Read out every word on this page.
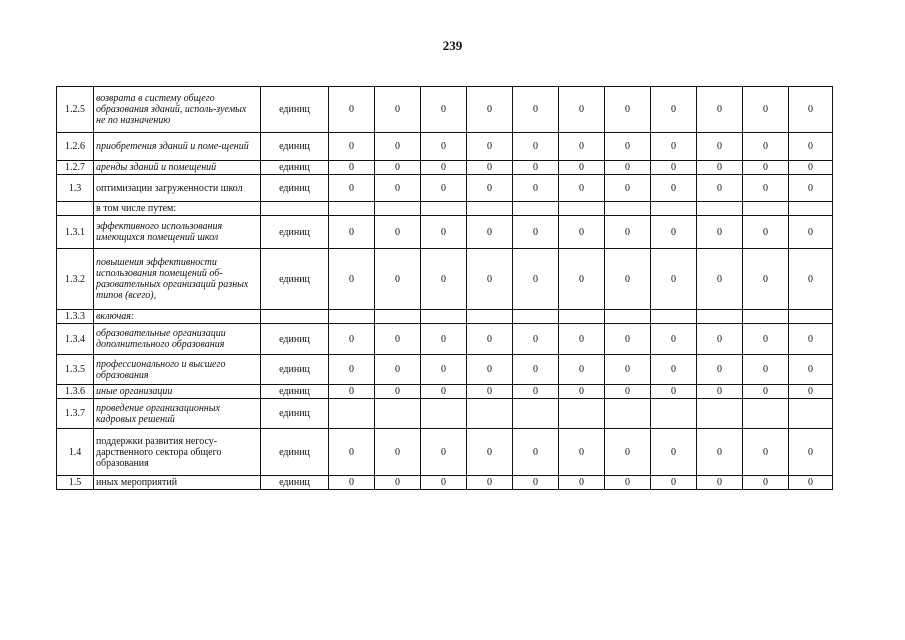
239
1.2.5	возврата в систему общего образования зданий, исполь-зуемых не по назначению	единиц	0	0	0	0	0	0	0	0	0	0	0
1.2.6	приобретения зданий и поме-щений	единиц	0	0	0	0	0	0	0	0	0	0	0
1.2.7	аренды зданий и помещений	единиц	0	0	0	0	0	0	0	0	0	0	0
1.3	оптимизации загруженности школ	единиц	0	0	0	0	0	0	0	0	0	0	0
	в том числе путем:												
1.3.1	эффективного использования имеющихся помещений школ	единиц	0	0	0	0	0	0	0	0	0	0	0
1.3.2	повышения эффективности использования помещений об-разовательных организаций разных типов (всего),	единиц	0	0	0	0	0	0	0	0	0	0	0
1.3.3	включая:												
1.3.4	образовательные организации дополнительного образования	единиц	0	0	0	0	0	0	0	0	0	0	0
1.3.5	профессионального и высшего образования	единиц	0	0	0	0	0	0	0	0	0	0	0
1.3.6	иные организации	единиц	0	0	0	0	0	0	0	0	0	0	0
1.3.7	проведение организационных кадровых решений	единиц											
1.4	поддержки развития негосу-дарственного сектора общего образования	единиц	0	0	0	0	0	0	0	0	0	0	0
1.5	иных мероприятий	единиц	0	0	0	0	0	0	0	0	0	0	0
